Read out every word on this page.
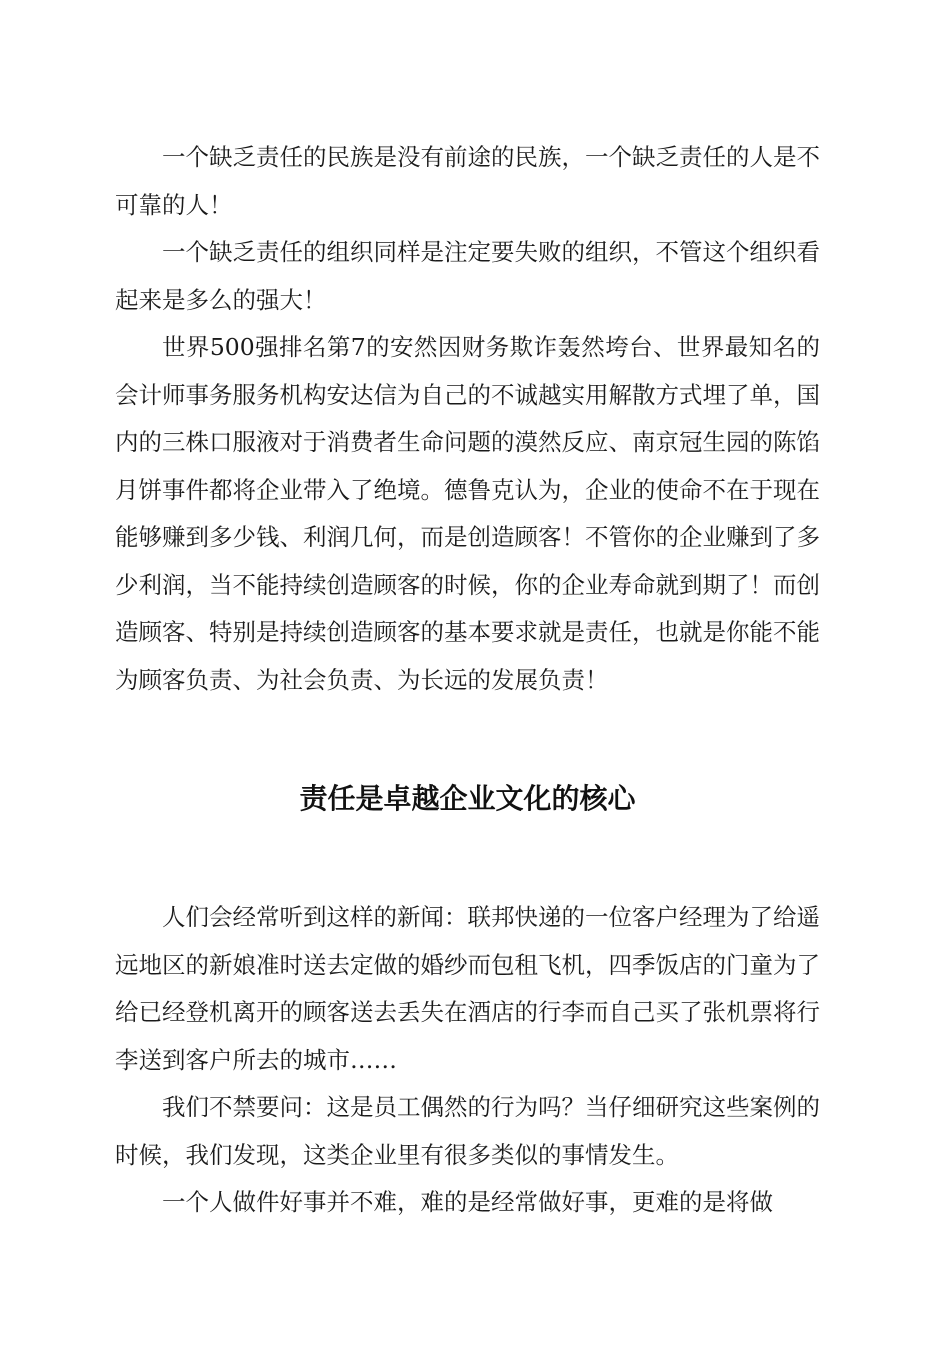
一个缺乏责任的民族是没有前途的民族，一个缺乏责任的人是不可靠的人！

一个缺乏责任的组织同样是注定要失败的组织，不管这个组织看起来是多么的强大！

世界500强排名第7的安然因财务欺诈轰然垮台、世界最知名的会计师事务服务机构安达信为自己的不诚越实用解散方式埋了单，国内的三株口服液对于消费者生命问题的漠然反应、南京冠生园的陈馅月饼事件都将企业带入了绝境。德鲁克认为，企业的使命不在于现在能够赚到多少钱、利润几何，而是创造顾客！不管你的企业赚到了多少利润，当不能持续创造顾客的时候，你的企业寿命就到期了！而创造顾客、特别是持续创造顾客的基本要求就是责任，也就是你能不能为顾客负责、为社会负责、为长远的发展负责！

责任是卓越企业文化的核心

人们会经常听到这样的新闻：联邦快递的一位客户经理为了给遥远地区的新娘准时送去定做的婚纱而包租飞机，四季饭店的门童为了给已经登机离开的顾客送去丢失在酒店的行李而自己买了张机票将行李送到客户所去的城市……

我们不禁要问：这是员工偶然的行为吗？当仔细研究这些案例的时候，我们发现，这类企业里有很多类似的事情发生。

一个人做件好事并不难，难的是经常做好事，更难的是将做
